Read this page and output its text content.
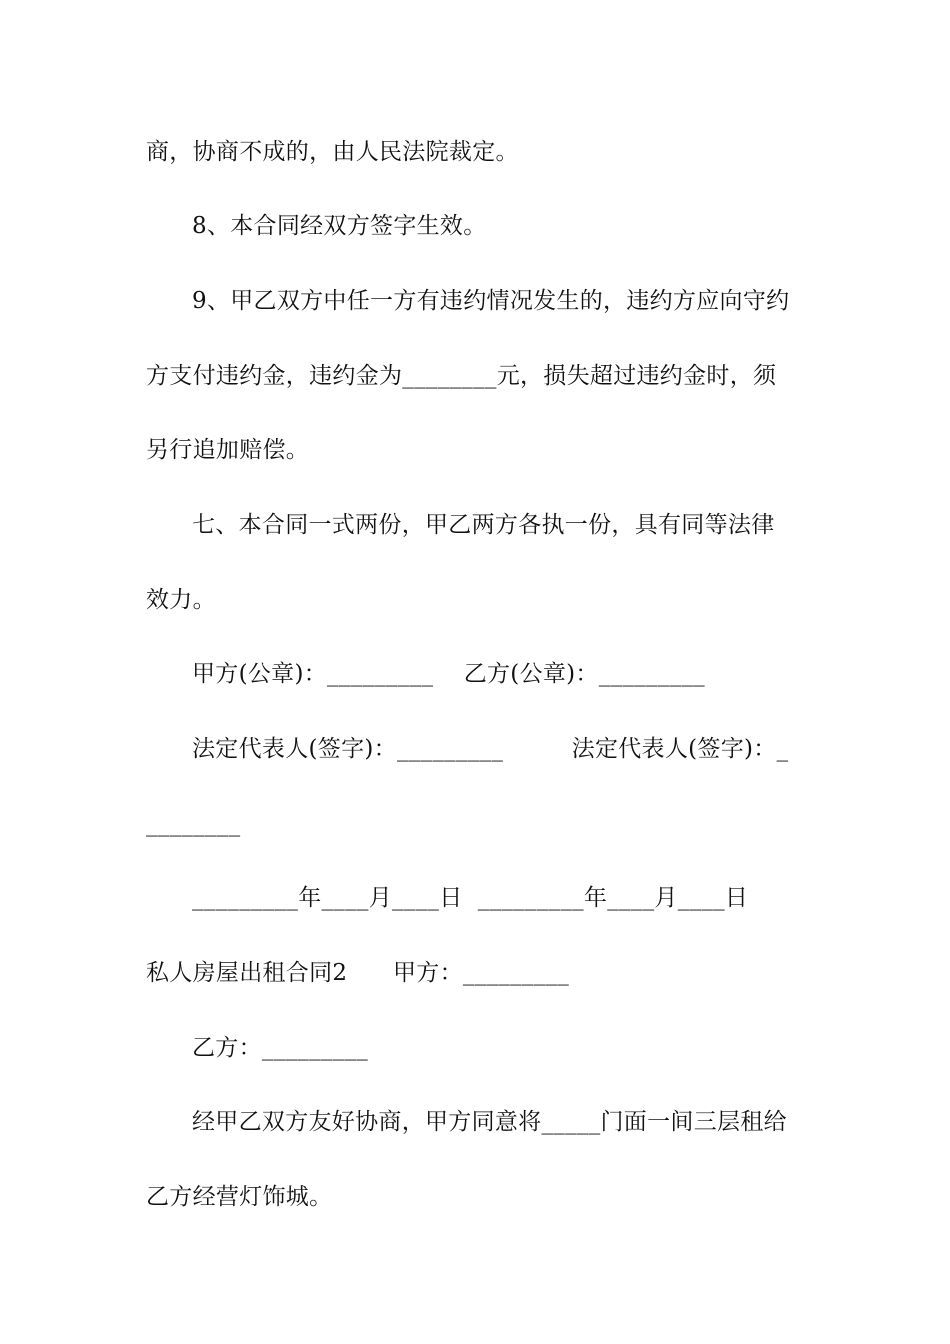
商，协商不成的，由人民法院裁定。
8、本合同经双方签字生效。
9、甲乙双方中任一方有违约情况发生的，违约方应向守约
方支付违约金，违约金为________元，损失超过违约金时，须
另行追加赔偿。
七、本合同一式两份，甲乙两方各执一份，具有同等法律
效力。
甲方(公章)：_________    乙方(公章)：_________
法定代表人(签字)：_________         法定代表人(签字)：_
________
_________年____月____日  _________年____月____日
私人房屋出租合同2      甲方：_________
乙方：_________
经甲乙双方友好协商，甲方同意将_____门面一间三层租给
乙方经营灯饰城。
